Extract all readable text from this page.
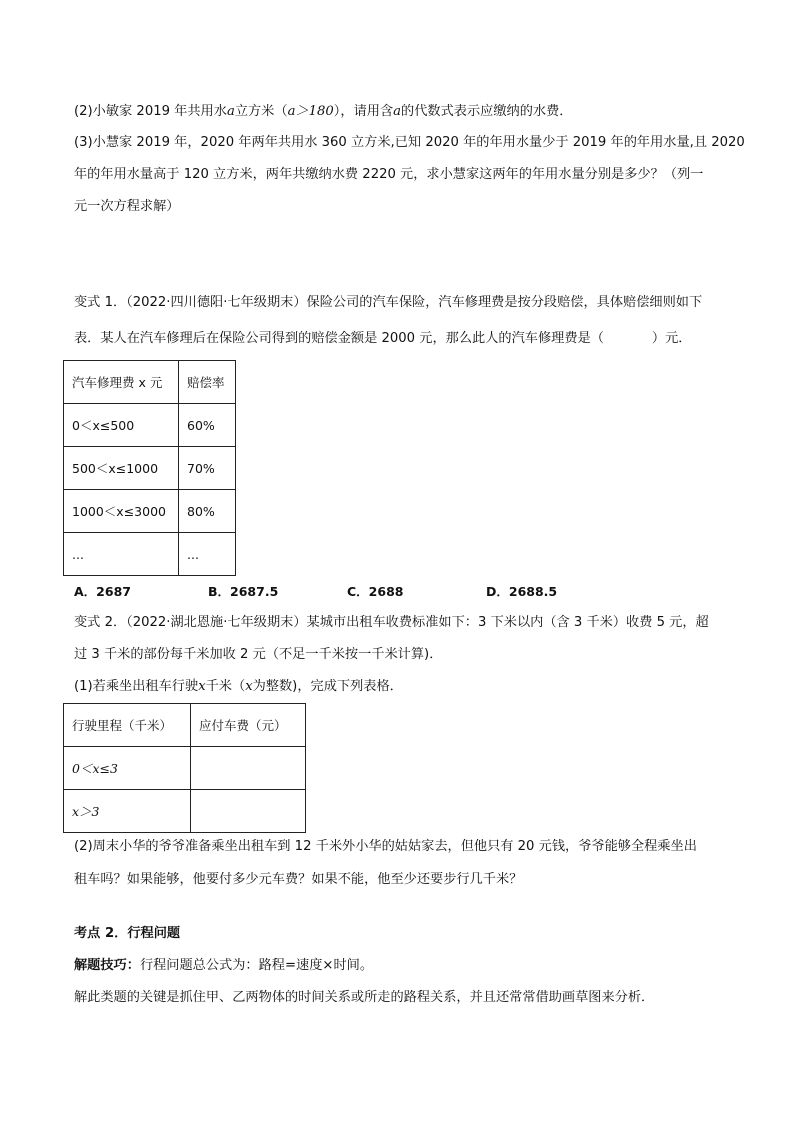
(2)小敏家 2019 年共用水a立方米（a＞180），请用含a的代数式表示应缴纳的水费．
(3)小慧家 2019 年，2020 年两年共用水 360 立方米,已知 2020 年的年用水量少于 2019 年的年用水量,且 2020
年的年用水量高于 120 立方米，两年共缴纳水费 2220 元，求小慧家这两年的年用水量分别是多少？（列一
元一次方程求解）
变式 1．（2022·四川德阳·七年级期末）保险公司的汽车保险，汽车修理费是按分段赔偿，具体赔偿细则如下
表．某人在汽车修理后在保险公司得到的赔偿金额是 2000 元，那么此人的汽车修理费是（	）元．
汽车修理费 x 元	赔偿率
0＜x≤500	60%
500＜x≤1000	70%
1000＜x≤3000	80%
...	...
A．2687	B．2687.5	C．2688	D．2688.5
变式 2．（2022·湖北恩施·七年级期末）某城市出租车收费标准如下：3 下米以内（含 3 千米）收费 5 元，超
过 3 千米的部份每千米加收 2 元（不足一千米按一千米计算)．
(1)若乘坐出租车行驶x千米（x为整数)，完成下列表格．
行驶里程（千米）	应付车费（元）
0＜x≤3	
x＞3	
(2)周末小华的爷爷准备乘坐出租车到 12 千米外小华的姑姑家去，但他只有 20 元钱，爷爷能够全程乘坐出
租车吗？如果能够，他要付多少元车费？如果不能，他至少还要步行几千米？
考点 2．行程问题
解题技巧：行程问题总公式为：路程=速度×时间。
解此类题的关键是抓住甲、乙两物体的时间关系或所走的路程关系，并且还常常借助画草图来分析．
